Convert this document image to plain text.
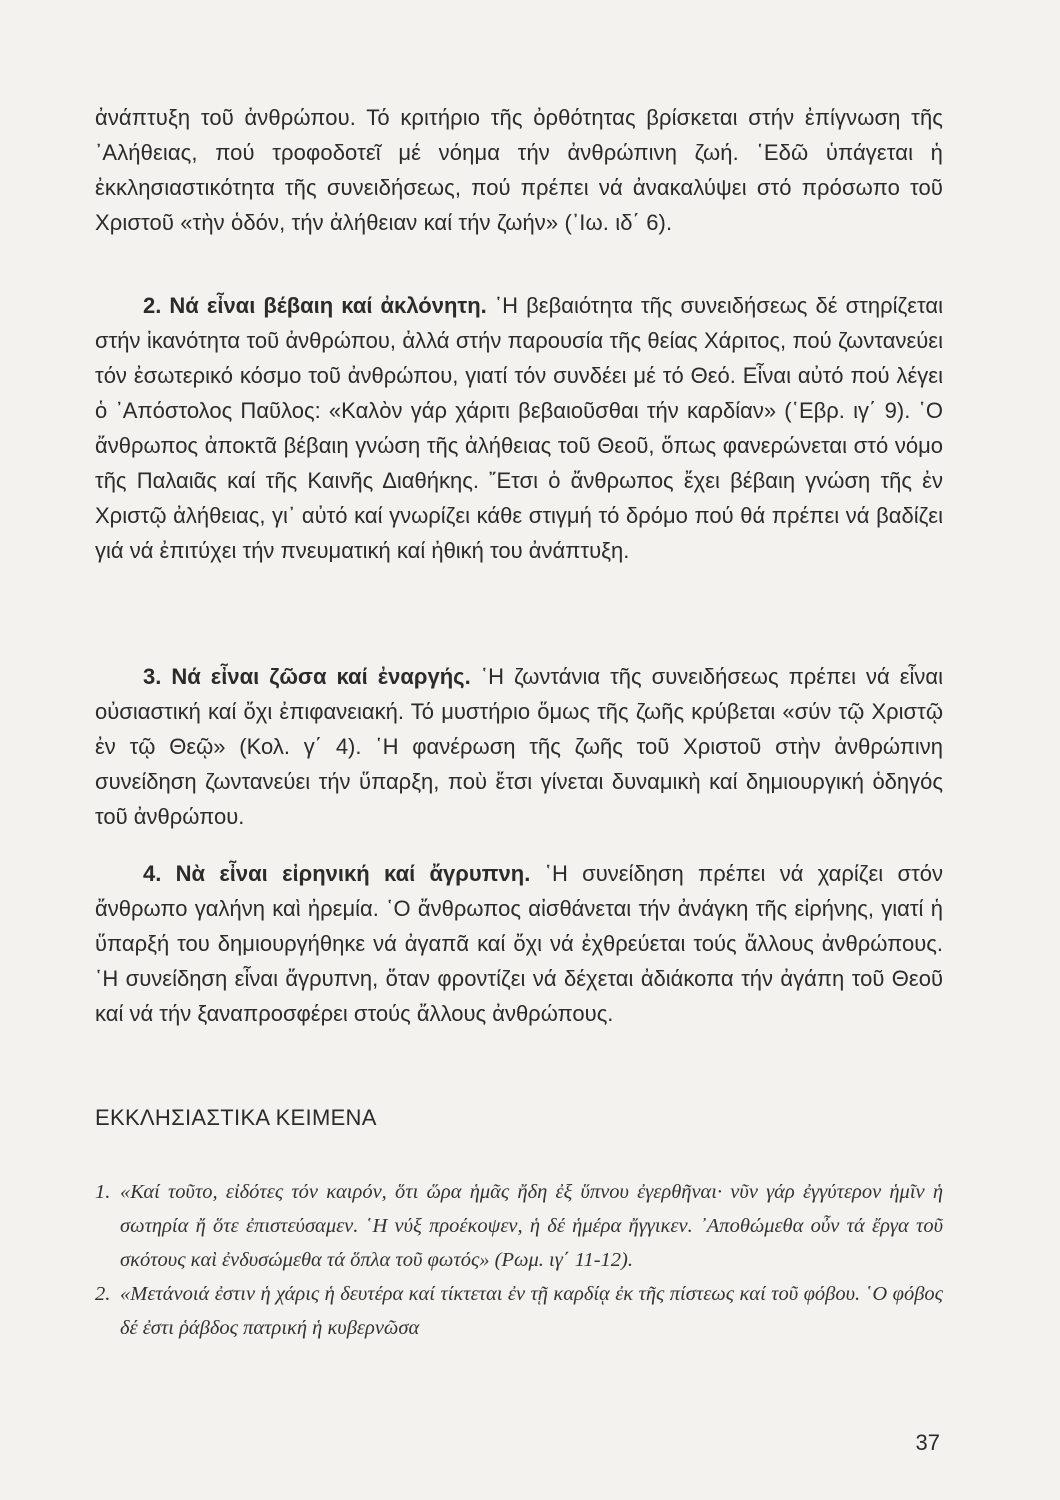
ἀνάπτυξη τοῦ ἀνθρώπου. Τό κριτήριο τῆς ὀρθότητας βρίσκεται στήν ἐπίγνωση τῆς ᾿Αλήθειας, πού τροφοδοτεῖ μέ νόημα τήν ἀνθρώπινη ζωή. ῾Εδῶ ὑπάγεται ἡ ἐκκλησιαστικότητα τῆς συνειδήσεως, πού πρέπει νά ἀνακαλύψει στό πρόσωπο τοῦ Χριστοῦ «τὴν ὁδόν, τήν ἀλήθειαν καί τήν ζωήν» (᾿Ιω. ιδ΄ 6).

2. Νά εἶναι βέβαιη καί ἀκλόνητη. ῾Η βεβαιότητα τῆς συνειδήσεως δέ στηρίζεται στήν ἱκανότητα τοῦ ἀνθρώπου, ἀλλά στήν παρουσία τῆς θείας Χάριτος, πού ζωντανεύει τόν ἐσωτερικό κόσμο τοῦ ἀνθρώπου, γιατί τόν συνδέει μέ τό Θεό. Εἶναι αὐτό πού λέγει ὁ ᾿Απόστολος Παῦλος: «Καλὸν γάρ χάριτι βεβαιοῦσθαι τήν καρδίαν» (῾Εβρ. ιγ΄ 9). ῾Ο ἄνθρωπος ἀποκτᾶ βέβαιη γνώση τῆς ἀλήθειας τοῦ Θεοῦ, ὅπως φανερώνεται στό νόμο τῆς Παλαιᾶς καί τῆς Καινῆς Διαθήκης. ῎Ετσι ὁ ἄνθρωπος ἔχει βέβαιη γνώση τῆς ἐν Χριστῷ ἀλήθειας, γι᾿ αὐτό καί γνωρίζει κάθε στιγμή τό δρόμο πού θά πρέπει νά βαδίζει γιά νά ἐπιτύχει τήν πνευματική καί ἠθική του ἀνάπτυξη.

3. Νά εἶναι ζῶσα καί ἐναργής. ῾Η ζωντάνια τῆς συνειδήσεως πρέπει νά εἶναι οὐσιαστική καί ὄχι ἐπιφανειακή. Τό μυστήριο ὅμως τῆς ζωῆς κρύβεται «σύν τῷ Χριστῷ ἐν τῷ Θεῷ» (Κολ. γ΄ 4). ῾Η φανέρωση τῆς ζωῆς τοῦ Χριστοῦ στὴν ἀνθρώπινη συνείδηση ζωντανεύει τήν ὕπαρξη, ποὺ ἔτσι γίνεται δυναμικὴ καί δημιουργική ὁδηγός τοῦ ἀνθρώπου.

4. Νὰ εἶναι εἰρηνική καί ἄγρυπνη. ῾Η συνείδηση πρέπει νά χαρίζει στόν ἄνθρωπο γαλήνη καὶ ἠρεμία. ῾Ο ἄνθρωπος αἰσθάνεται τήν ἀνάγκη τῆς εἰρήνης, γιατί ἡ ὕπαρξή του δημιουργήθηκε νά ἀγαπᾶ καί ὄχι νά ἐχθρεύεται τούς ἄλλους ἀνθρώπους. ῾Η συνείδηση εἶναι ἄγρυπνη, ὅταν φροντίζει νά δέχεται ἀδιάκοπα τήν ἀγάπη τοῦ Θεοῦ καί νά τήν ξαναπροσφέρει στούς ἄλλους ἀνθρώπους.

ΕΚΚΛΗΣΙΑΣΤΙΚΑ ΚΕΙΜΕΝΑ

1. «Καί τοῦτο, εἰδότες τόν καιρόν, ὅτι ὥρα ἡμᾶς ἤδη ἐξ ὕπνου ἐγερθῆναι· νῦν γάρ ἐγγύτερον ἡμῖν ἡ σωτηρία ἤ ὅτε ἐπιστεύσαμεν. ῾Η νύξ προέκοψεν, ἡ δέ ἡμέρα ἤγγικεν. ᾿Αποθώμεθα οὖν τά ἔργα τοῦ σκότους καὶ ἐνδυσώμεθα τά ὅπλα τοῦ φωτός» (Ρωμ. ιγ΄ 11-12).

2. «Μετάνοιά ἐστιν ἡ χάρις ἡ δευτέρα καί τίκτεται ἐν τῇ καρδίᾳ ἐκ τῆς πίστεως καί τοῦ φόβου. ῾Ο φόβος δέ ἐστι ῥάβδος πατρική ἡ κυβερνῶσα

37
